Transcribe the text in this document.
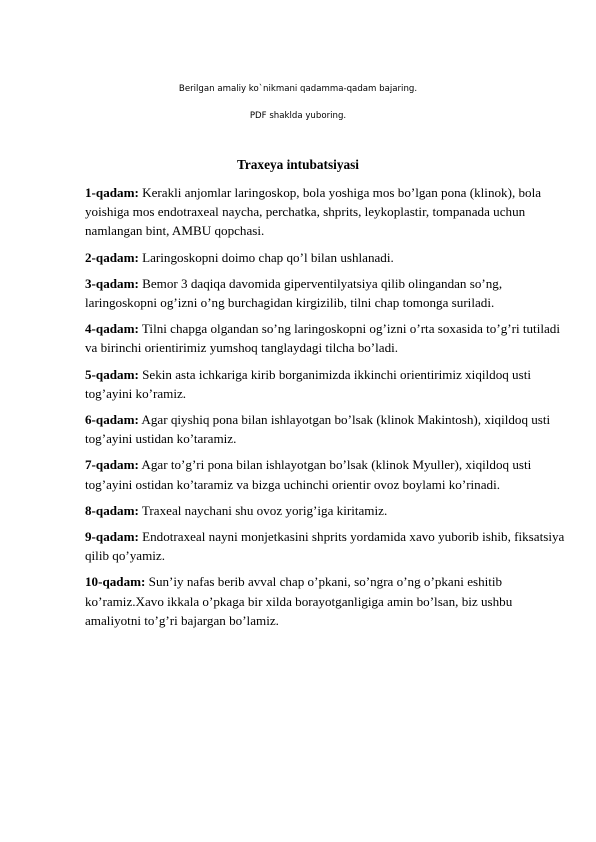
Berilgan amaliy ko`nikmani qadamma-qadam bajaring.
PDF shaklda yuboring.
Traxeya intubatsiyasi

1-qadam: Kerakli anjomlar laringoskop, bola yoshiga mos bo’lgan pona (klinok), bola yoishiga mos endotraxeal naycha, perchatka, shprits, leykoplastir, tompanada uchun namlangan bint, AMBU qopchasi.

2-qadam: Laringoskopni doimo chap qo’l bilan ushlanadi.

3-qadam: Bemor 3 daqiqa davomida giperventilyatsiya qilib olingandan so’ng, laringoskopni og’izni o’ng burchagidan kirgizilib, tilni chap tomonga suriladi.

4-qadam: Tilni chapga olgandan so’ng laringoskopni og’izni o’rta soxasida to’g’ri tutiladi va birinchi orientirimiz yumshoq tanglaydagi tilcha bo’ladi.

5-qadam: Sekin asta ichkariga kirib borganimizda ikkinchi orientirimiz xiqildoq usti tog’ayini ko’ramiz.

6-qadam: Agar qiyshiq pona bilan ishlayotgan bo’lsak (klinok Makintosh), xiqildoq usti tog’ayini ustidan ko’taramiz.

7-qadam: Agar to’g’ri pona bilan ishlayotgan bo’lsak (klinok Myuller), xiqildoq usti tog’ayini ostidan ko’taramiz va bizga uchinchi orientir ovoz boylami ko’rinadi.

8-qadam: Traxeal naychani shu ovoz yorig’iga kiritamiz.

9-qadam: Endotraxeal nayni monjetkasini shprits yordamida xavo yuborib ishib, fiksatsiya qilib qo’yamiz.

10-qadam: Sun’iy nafas berib avval chap o’pkani, so’ngra o’ng o’pkani eshitib ko’ramiz.Xavo ikkala o’pkaga bir xilda borayotganligiga amin bo’lsan, biz ushbu amaliyotni to’g’ri bajargan bo’lamiz.
